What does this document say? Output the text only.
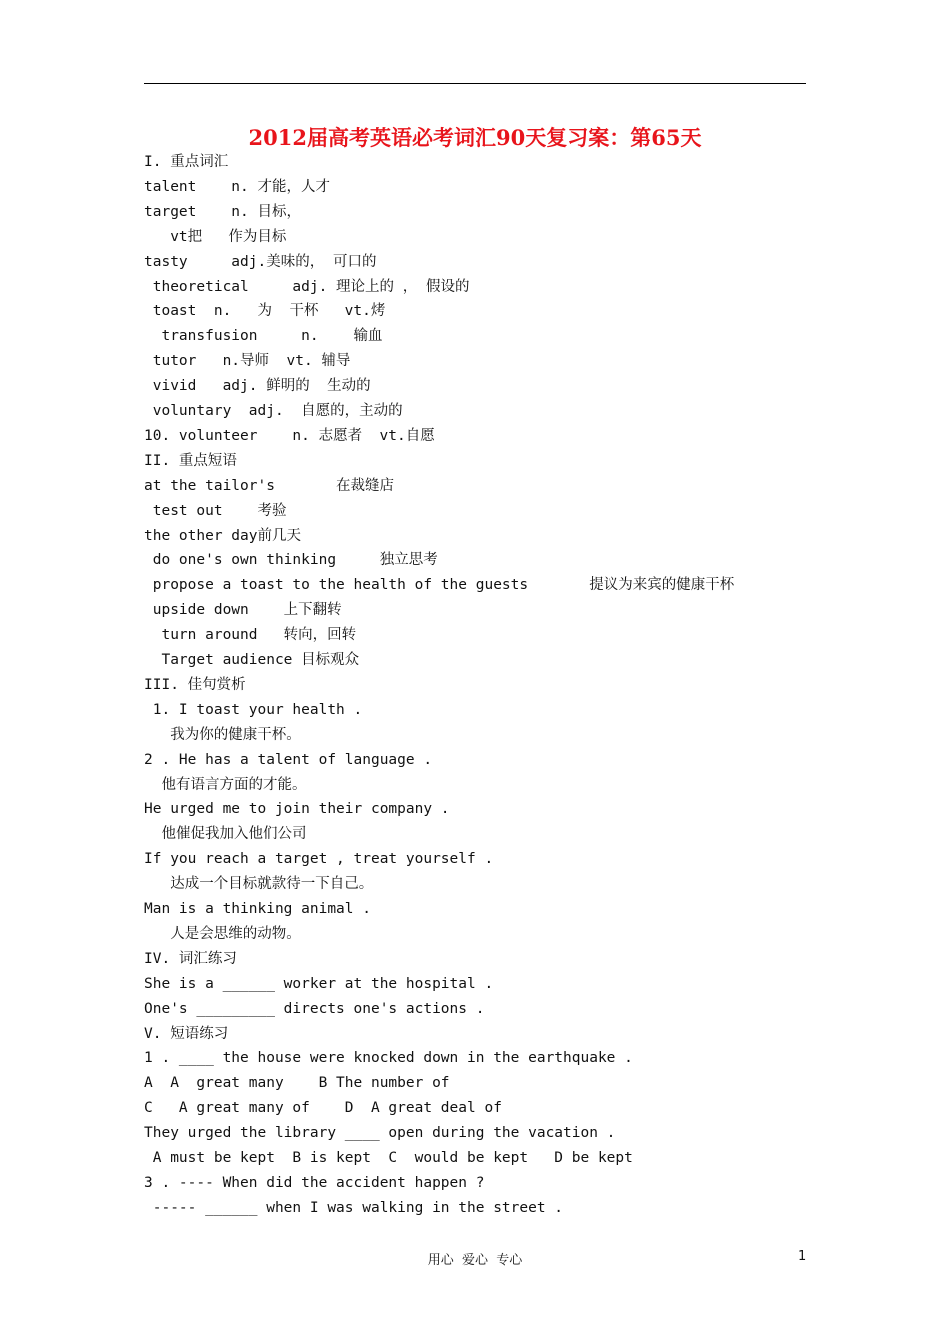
2012届高考英语必考词汇90天复习案：第65天
I. 重点词汇
talent    n. 才能，人才
target    n. 目标，
vt把   作为目标
tasty     adj.美味的， 可口的
theoretical     adj. 理论上的 ， 假设的
toast  n.   为  干杯   vt.烤
transfusion     n.    输血
tutor   n.导师  vt. 辅导
vivid   adj. 鲜明的  生动的
voluntary  adj.  自愿的，主动的
10. volunteer    n. 志愿者  vt.自愿
II. 重点短语
at the tailor's       在裁缝店
test out    考验
the other day前几天
do one's own thinking     独立思考
propose a toast to the health of the guests       提议为来宾的健康干杯
upside down    上下翻转
turn around   转向，回转
Target audience 目标观众
III. 佳句赏析
1. I toast your health .
我为你的健康干杯。
2 . He has a talent of language .
他有语言方面的才能。
He urged me to join their company .
他催促我加入他们公司
If you reach a target , treat yourself .
达成一个目标就款待一下自己。
Man is a thinking animal .
人是会思维的动物。
IV. 词汇练习
She is a ______ worker at the hospital .
One's _________ directs one's actions .
V. 短语练习
1 . ____ the house were knocked down in the earthquake .
A  A  great many    B The number of
C   A great many of    D  A great deal of
They urged the library ____ open during the vacation .
A must be kept  B is kept  C  would be kept   D be kept
3 . ---- When did the accident happen ?
----- ______ when I was walking in the street .
用心  爱心  专心	1
